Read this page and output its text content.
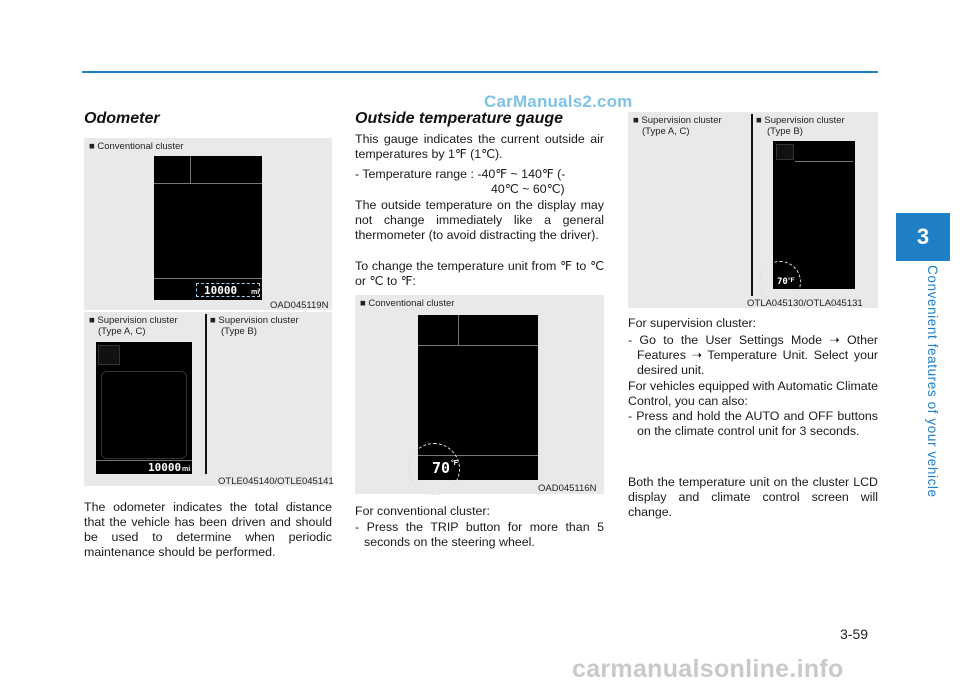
CarManuals2.com
3
Convenient features of your vehicle
Odometer
■ Conventional cluster
10000 mi
OAD045119N
■ Supervision cluster
(Type A, C)
■ Supervision cluster
(Type B)
10000 mi
OTLE045140/OTLE045141

The odometer indicates the total distance that the vehicle has been driven and should be used to determine when periodic maintenance should be performed.

Outside temperature gauge

This gauge indicates the current outside air temperatures by 1℉ (1℃).

- Temperature range : -40℉ ~ 140℉ (-

40℃ ~ 60℃)

The outside temperature on the display may not change immediately like a general thermometer (to avoid distracting the driver).

To change the temperature unit from ℉ to ℃ or ℃ to ℉:

■ Conventional cluster
70 °F
OAD045116N

For conventional cluster:

- Press the TRIP button for more than 5 seconds on the steering wheel.

■ Supervision cluster
(Type A, C)
■ Supervision cluster
(Type B)
70 °F
OTLA045130/OTLA045131

For supervision cluster:

- Go to the User Settings Mode ➝ Other Features ➝ Temperature Unit. Select your desired unit.

For vehicles equipped with Automatic Climate Control, you can also:

- Press and hold the AUTO and OFF buttons on the climate control unit for 3 seconds.

Both the temperature unit on the cluster LCD display and climate control screen will change.

3-59
carmanualsonline.info
